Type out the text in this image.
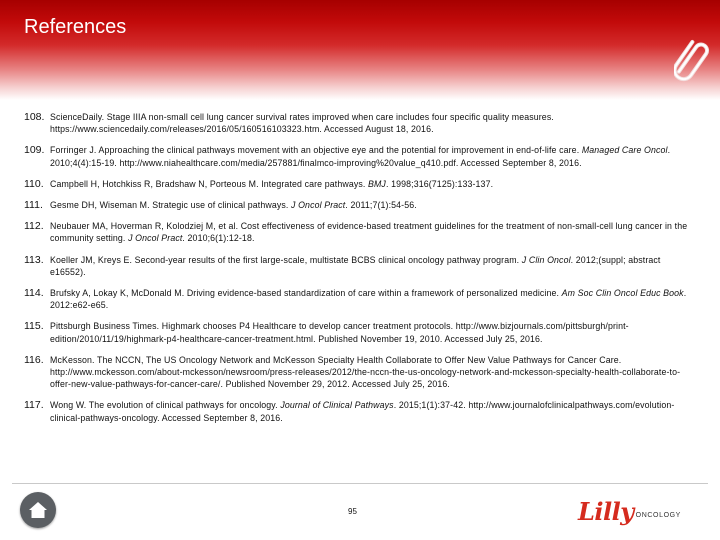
References
108. ScienceDaily. Stage IIIA non-small cell lung cancer survival rates improved when care includes four specific quality measures. https://www.sciencedaily.com/releases/2016/05/160516103323.htm. Accessed August 18, 2016.
109. Forringer J. Approaching the clinical pathways movement with an objective eye and the potential for improvement in end-of-life care. Managed Care Oncol. 2010;4(4):15-19. http://www.niahealthcare.com/media/257881/finalmco-improving%20value_q410.pdf. Accessed September 8, 2016.
110. Campbell H, Hotchkiss R, Bradshaw N, Porteous M. Integrated care pathways. BMJ. 1998;316(7125):133-137.
111. Gesme DH, Wiseman M. Strategic use of clinical pathways. J Oncol Pract. 2011;7(1):54-56.
112. Neubauer MA, Hoverman R, Kolodziej M, et al. Cost effectiveness of evidence-based treatment guidelines for the treatment of non-small-cell lung cancer in the community setting. J Oncol Pract. 2010;6(1):12-18.
113. Koeller JM, Kreys E. Second-year results of the first large-scale, multistate BCBS clinical oncology pathway program. J Clin Oncol. 2012;(suppl; abstract e16552).
114. Brufsky A, Lokay K, McDonald M. Driving evidence-based standardization of care within a framework of personalized medicine. Am Soc Clin Oncol Educ Book. 2012:e62-e65.
115. Pittsburgh Business Times. Highmark chooses P4 Healthcare to develop cancer treatment protocols. http://www.bizjournals.com/pittsburgh/print-edition/2010/11/19/highmark-p4-healthcare-cancer-treatment.html. Published November 19, 2010. Accessed July 25, 2016.
116. McKesson. The NCCN, The US Oncology Network and McKesson Specialty Health Collaborate to Offer New Value Pathways for Cancer Care. http://www.mckesson.com/about-mckesson/newsroom/press-releases/2012/the-nccn-the-us-oncology-network-and-mckesson-specialty-health-collaborate-to-offer-new-value-pathways-for-cancer-care/. Published November 29, 2012. Accessed July 25, 2016.
117. Wong W. The evolution of clinical pathways for oncology. Journal of Clinical Pathways. 2015;1(1):37-42. http://www.journalofclinicalpathways.com/evolution-clinical-pathways-oncology. Accessed September 8, 2016.
95	Lilly ONCOLOGY
